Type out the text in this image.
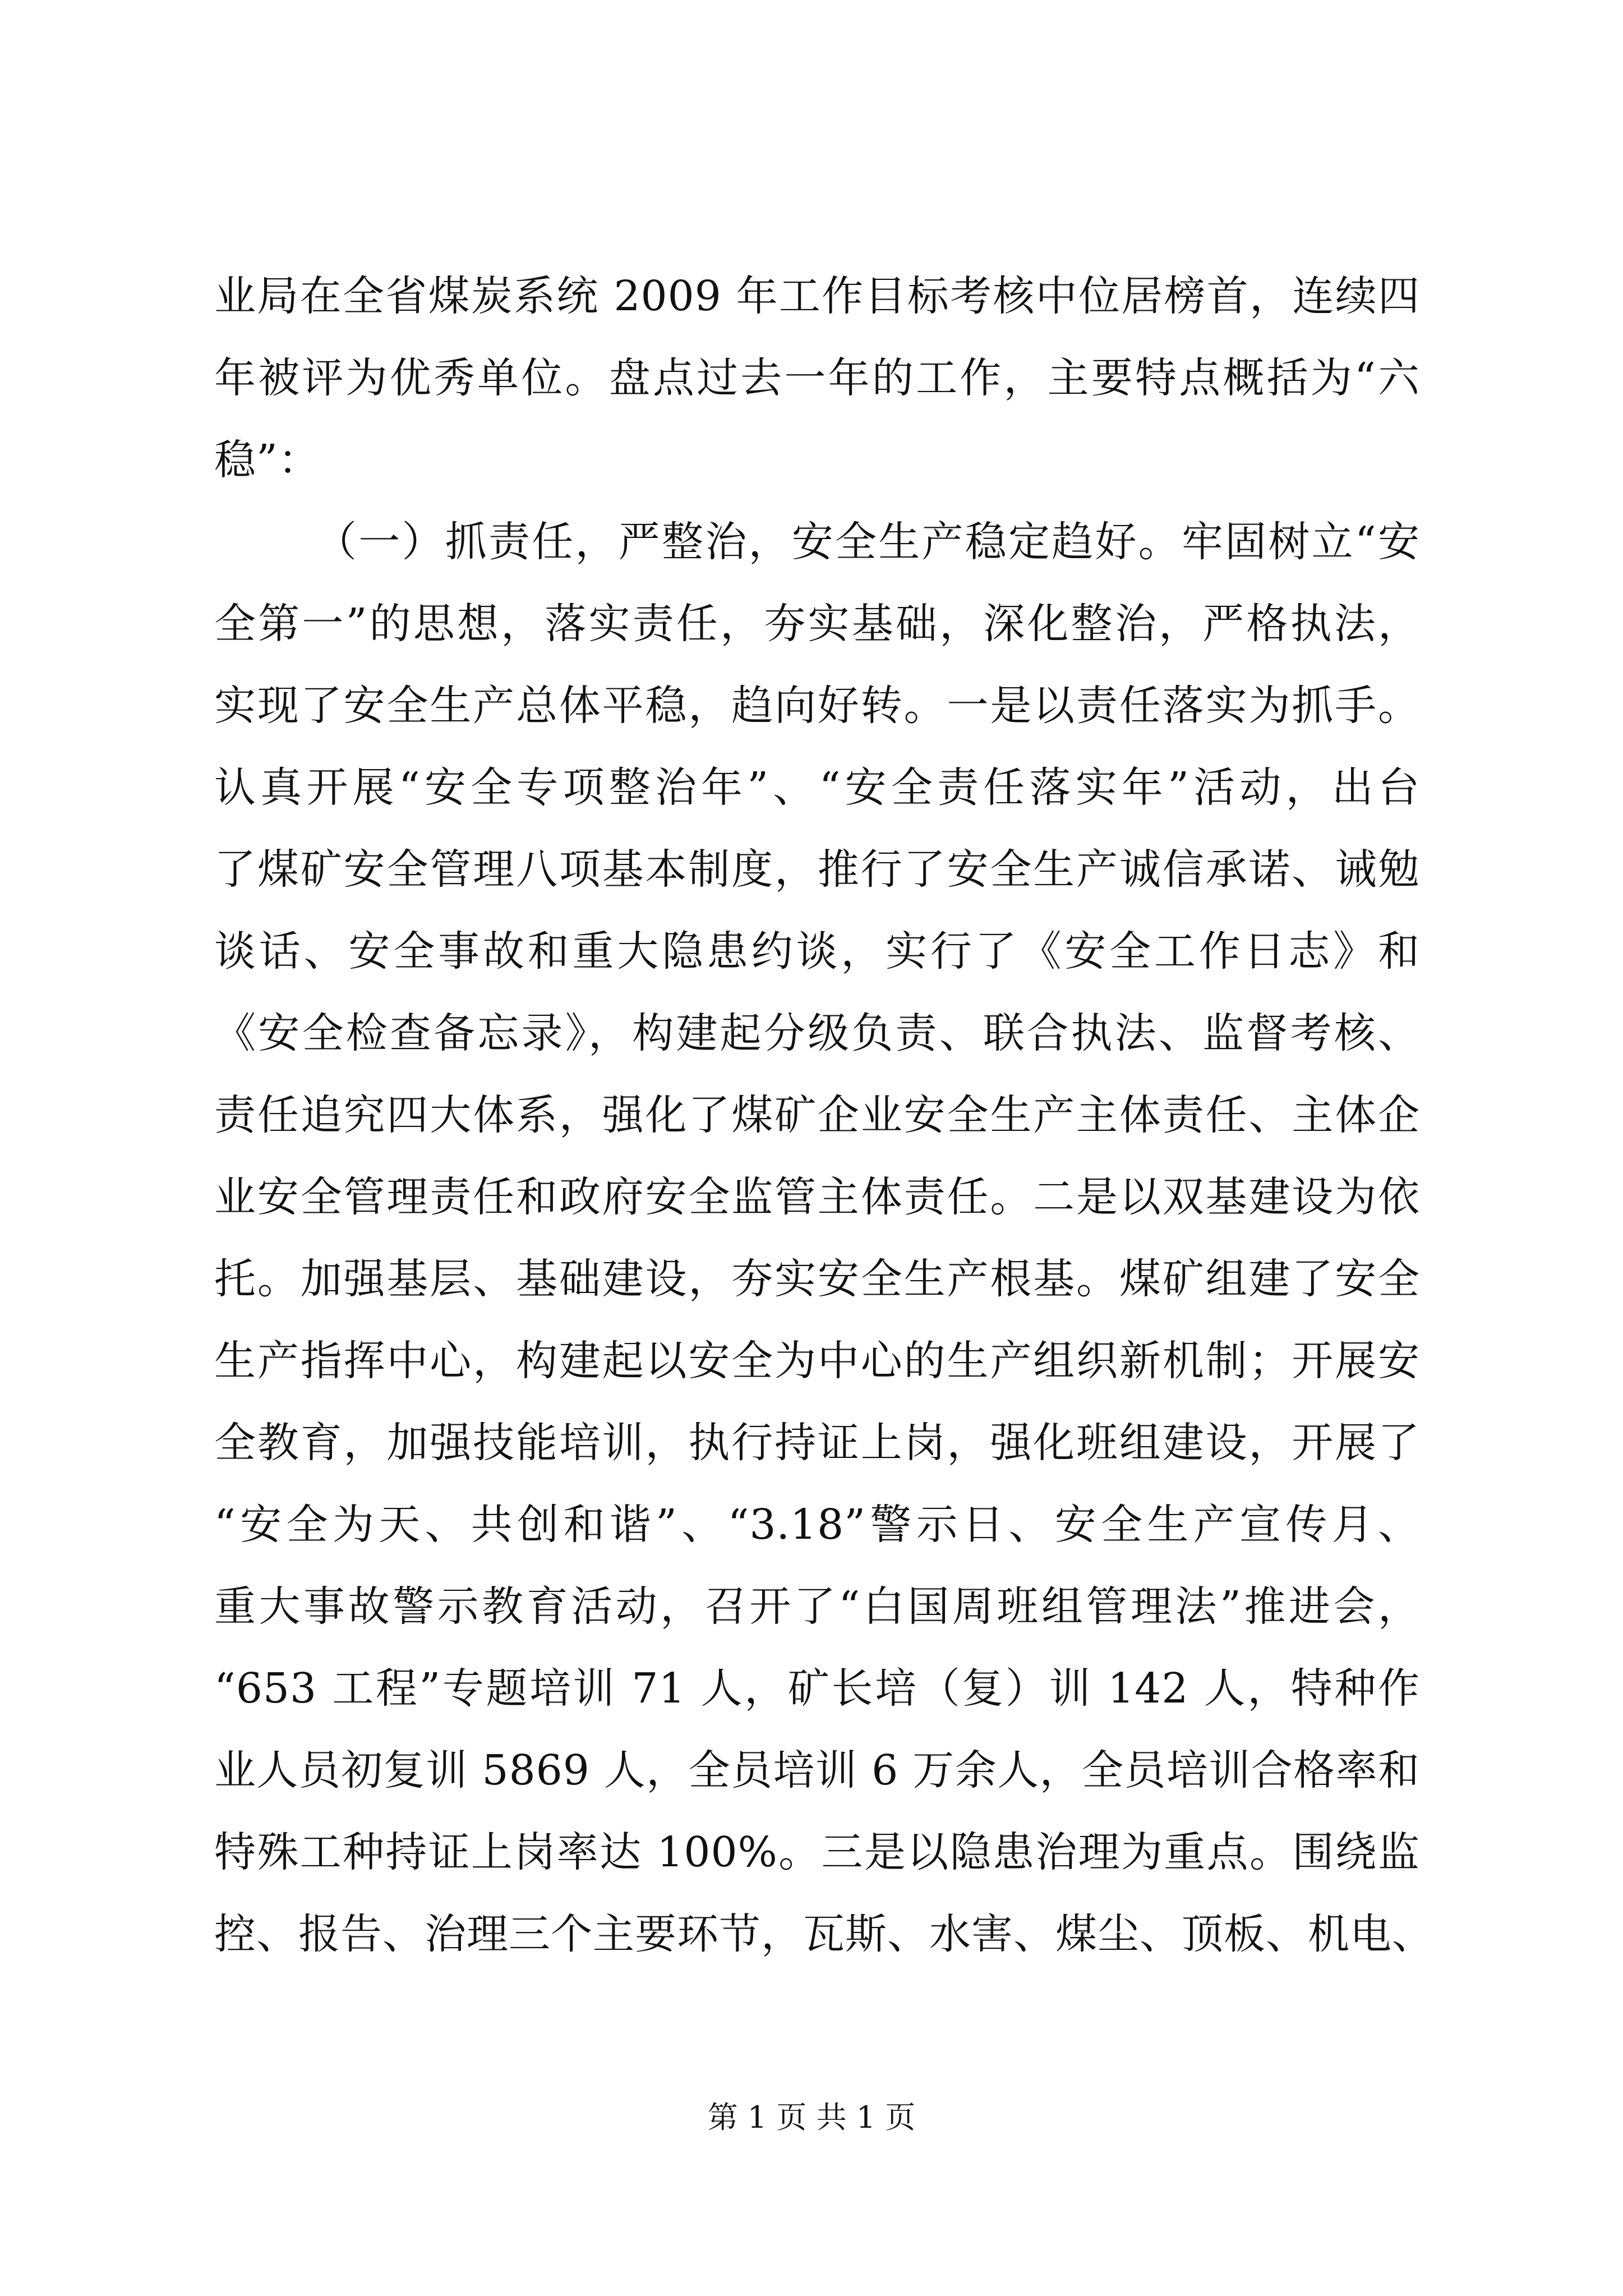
业局在全省煤炭系统 2009 年工作目标考核中位居榜首，连续四
年被评为优秀单位。盘点过去一年的工作，主要特点概括为“六
稳”：
（一）抓责任，严整治，安全生产稳定趋好。牢固树立“安
全第一”的思想，落实责任，夯实基础，深化整治，严格执法，
实现了安全生产总体平稳，趋向好转。一是以责任落实为抓手。
认真开展“安全专项整治年”、“安全责任落实年”活动，出台
了煤矿安全管理八项基本制度，推行了安全生产诚信承诺、诫勉
谈话、安全事故和重大隐患约谈，实行了《安全工作日志》和
《安全检查备忘录》，构建起分级负责、联合执法、监督考核、
责任追究四大体系，强化了煤矿企业安全生产主体责任、主体企
业安全管理责任和政府安全监管主体责任。二是以双基建设为依
托。加强基层、基础建设，夯实安全生产根基。煤矿组建了安全
生产指挥中心，构建起以安全为中心的生产组织新机制；开展安
全教育，加强技能培训，执行持证上岗，强化班组建设，开展了
“安全为天、共创和谐”、“3.18”警示日、安全生产宣传月、
重大事故警示教育活动，召开了“白国周班组管理法”推进会，
“653 工程”专题培训 71 人，矿长培（复）训 142 人，特种作
业人员初复训 5869 人，全员培训 6 万余人，全员培训合格率和
特殊工种持证上岗率达 100%。三是以隐患治理为重点。围绕监
控、报告、治理三个主要环节，瓦斯、水害、煤尘、顶板、机电、
第 1 页 共 1 页
